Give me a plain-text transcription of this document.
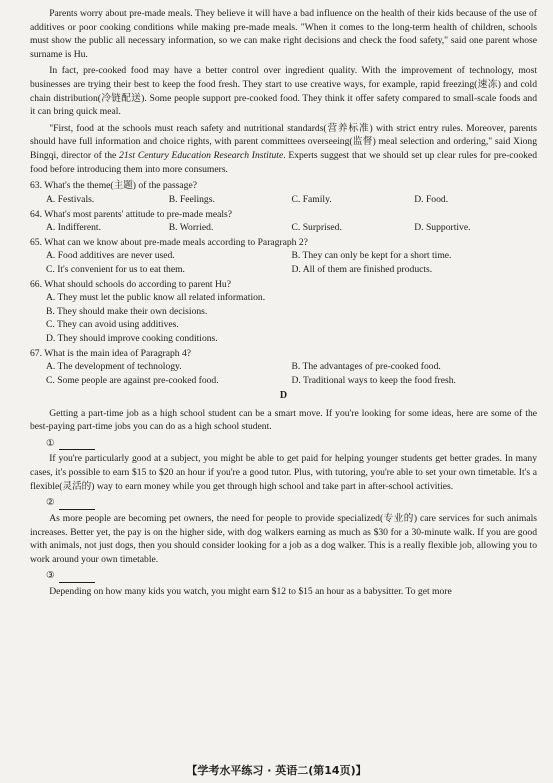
Parents worry about pre-made meals. They believe it will have a bad influence on the health of their kids because of the use of additives or poor cooking conditions while making pre-made meals. "When it comes to the long-term health of children, schools must show the public all necessary information, so we can make right decisions and check the food safety," said one parent whose surname is Hu.

In fact, pre-cooked food may have a better control over ingredient quality. With the improvement of technology, most businesses are trying their best to keep the food fresh. They start to use creative ways, for example, rapid freezing(速冻) and cold chain distribution(冷链配送). Some people support pre-cooked food. They think it offer safety compared to small-scale foods and it can bring quick meal.

"First, food at the schools must reach safety and nutritional standards(营养标准) with strict entry rules. Moreover, parents should have full information and choice rights, with parent committees overseeing(监督) meal selection and ordering," said Xiong Bingqi, director of the 21st Century Education Research Institute. Experts suggest that we should set up clear rules for pre-cooked food before introducing them into more consumers.

63. What's the theme(主题) of the passage?

A. Festivals.	B. Feelings.	C. Family.	D. Food.

64. What's most parents' attitude to pre-made meals?

A. Indifferent.	B. Worried.	C. Surprised.	D. Supportive.

65. What can we know about pre-made meals according to Paragraph 2?

A. Food additives are never used.	B. They can only be kept for a short time.
C. It's convenient for us to eat them.	D. All of them are finished products.

66. What should schools do according to parent Hu?

A. They must let the public know all related information.
B. They should make their own decisions.
C. They can avoid using additives.
D. They should improve cooking conditions.

67. What is the main idea of Paragraph 4?

A. The development of technology.	B. The advantages of pre-cooked food.
C. Some people are against pre-cooked food.	D. Traditional ways to keep the food fresh.
D

Getting a part-time job as a high school student can be a smart move. If you're looking for some ideas, here are some of the best-paying part-time jobs you can do as a high school student.

①

If you're particularly good at a subject, you might be able to get paid for helping younger students get better grades. In many cases, it's possible to earn $15 to $20 an hour if you're a good tutor. Plus, with tutoring, you're able to set your own timetable. It's a flexible(灵活的) way to earn money while you get through high school and take part in after-school activities.

②

As more people are becoming pet owners, the need for people to provide specialized(专业的) care services for such animals increases. Better yet, the pay is on the higher side, with dog walkers earning as much as $30 for a 30-minute walk. If you are good with animals, not just dogs, then you should consider looking for a job as a dog walker. This is a really flexible job, allowing you to work around your own timetable.

③

Depending on how many kids you watch, you might earn $12 to $15 an hour as a babysitter. To get more

【学考水平练习 · 英语二(第14页)】
